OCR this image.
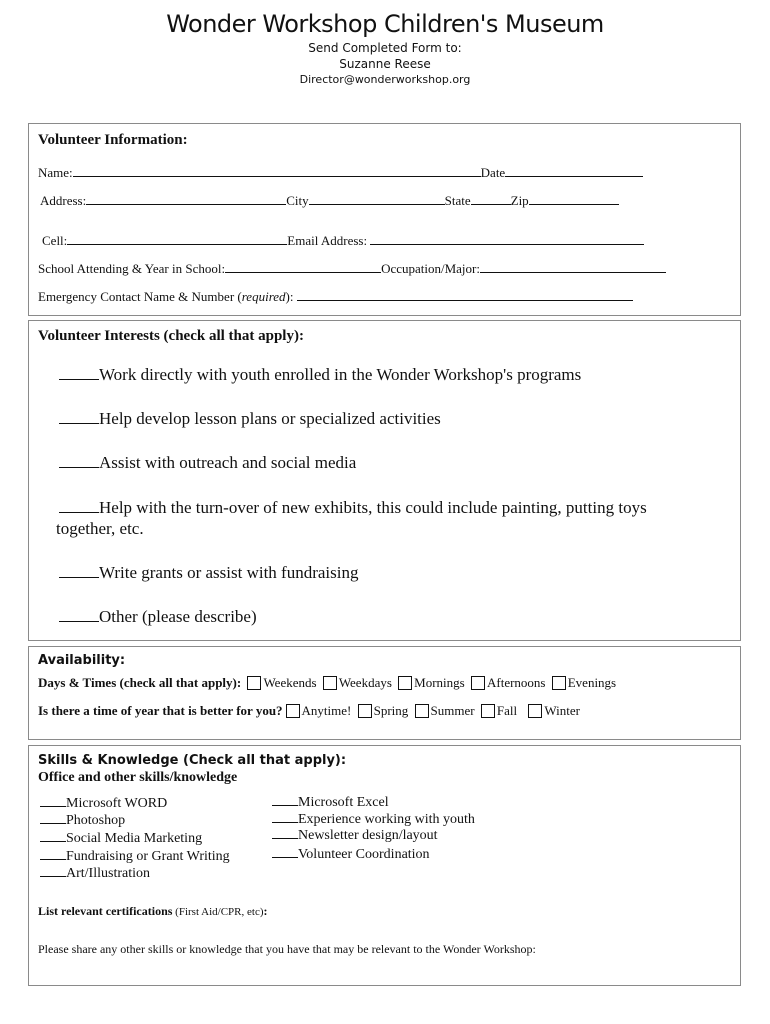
Wonder Workshop Children's Museum
Send Completed Form to:
Suzanne Reese
Director@wonderworkshop.org
Volunteer Information:
Name:	Date
Address:	City	State	Zip
Cell:	Email Address:
School Attending & Year in School:	Occupation/Major:
Emergency Contact Name & Number (required):
Volunteer Interests (check all that apply):
Work directly with youth enrolled in the Wonder Workshop's programs
Help develop lesson plans or specialized activities
Assist with outreach and social media
Help with the turn-over of new exhibits, this could include painting, putting toys
together, etc.
Write grants or assist with fundraising
Other (please describe)
Availability:
Days & Times (check all that apply): Weekends Weekdays Mornings Afternoons Evenings
Is there a time of year that is better for you? Anytime! Spring Summer Fall Winter
Skills & Knowledge (Check all that apply):
Office and other skills/knowledge
Microsoft WORD
Photoshop
Social Media Marketing
Fundraising or Grant Writing
Art/Illustration
Microsoft Excel
Experience working with youth
Newsletter design/layout
Volunteer Coordination
List relevant certifications (First Aid/CPR, etc):
Please share any other skills or knowledge that you have that may be relevant to the Wonder Workshop:
